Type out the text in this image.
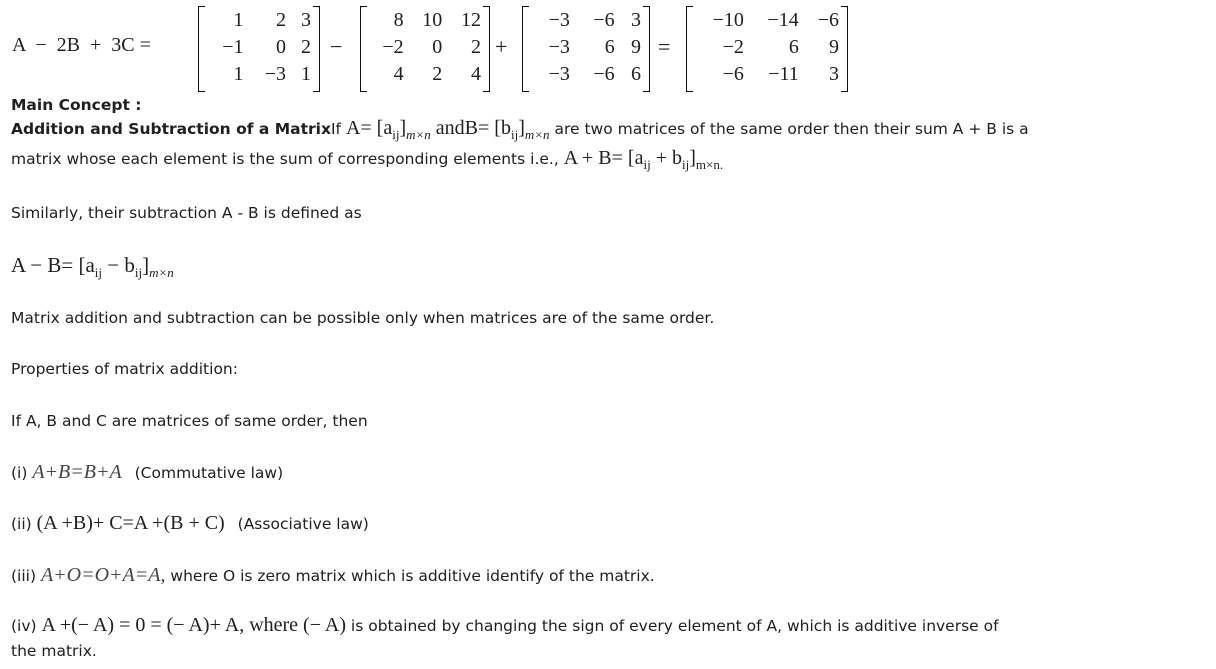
A  −  2B  +  3C =
1	2	3
−1	0	2
1	−3	1
−
8	10	12
−2	0	2
4	2	4
+
−3	−6	3
−3	6	9
−3	−6	6
=
−10	−14	−6
−2	6	9
−6	−11	3
Main Concept :
Addition and Subtraction of a MatrixIf $A= [a_{ij}]_{m\times n}$ andB= $[b_{ij}]_{m\times n}$ are two matrices of the same order then their sum A + B is a
matrix whose each element is the sum of corresponding elements i.e., $A + B= [a_{ij} + b_{ij}]_{m\times n.}$
Similarly, their subtraction A - B is defined as
$A - B= [a_{ij} - b_{ij}]_{m\times n}$
Matrix addition and subtraction can be possible only when matrices are of the same order.
Properties of matrix addition:
If A, B and C are matrices of same order, then
(i) A+B=B+A (Commutative law)
(ii) (A +B)+ C=A +(B + C) (Associative law)
(iii) A+O=O+A=A, where O is zero matrix which is additive identify of the matrix.
(iv) A +(− A) = 0 = (− A)+ A, where (− A) is obtained by changing the sign of every element of A, which is additive inverse of
the matrix.
